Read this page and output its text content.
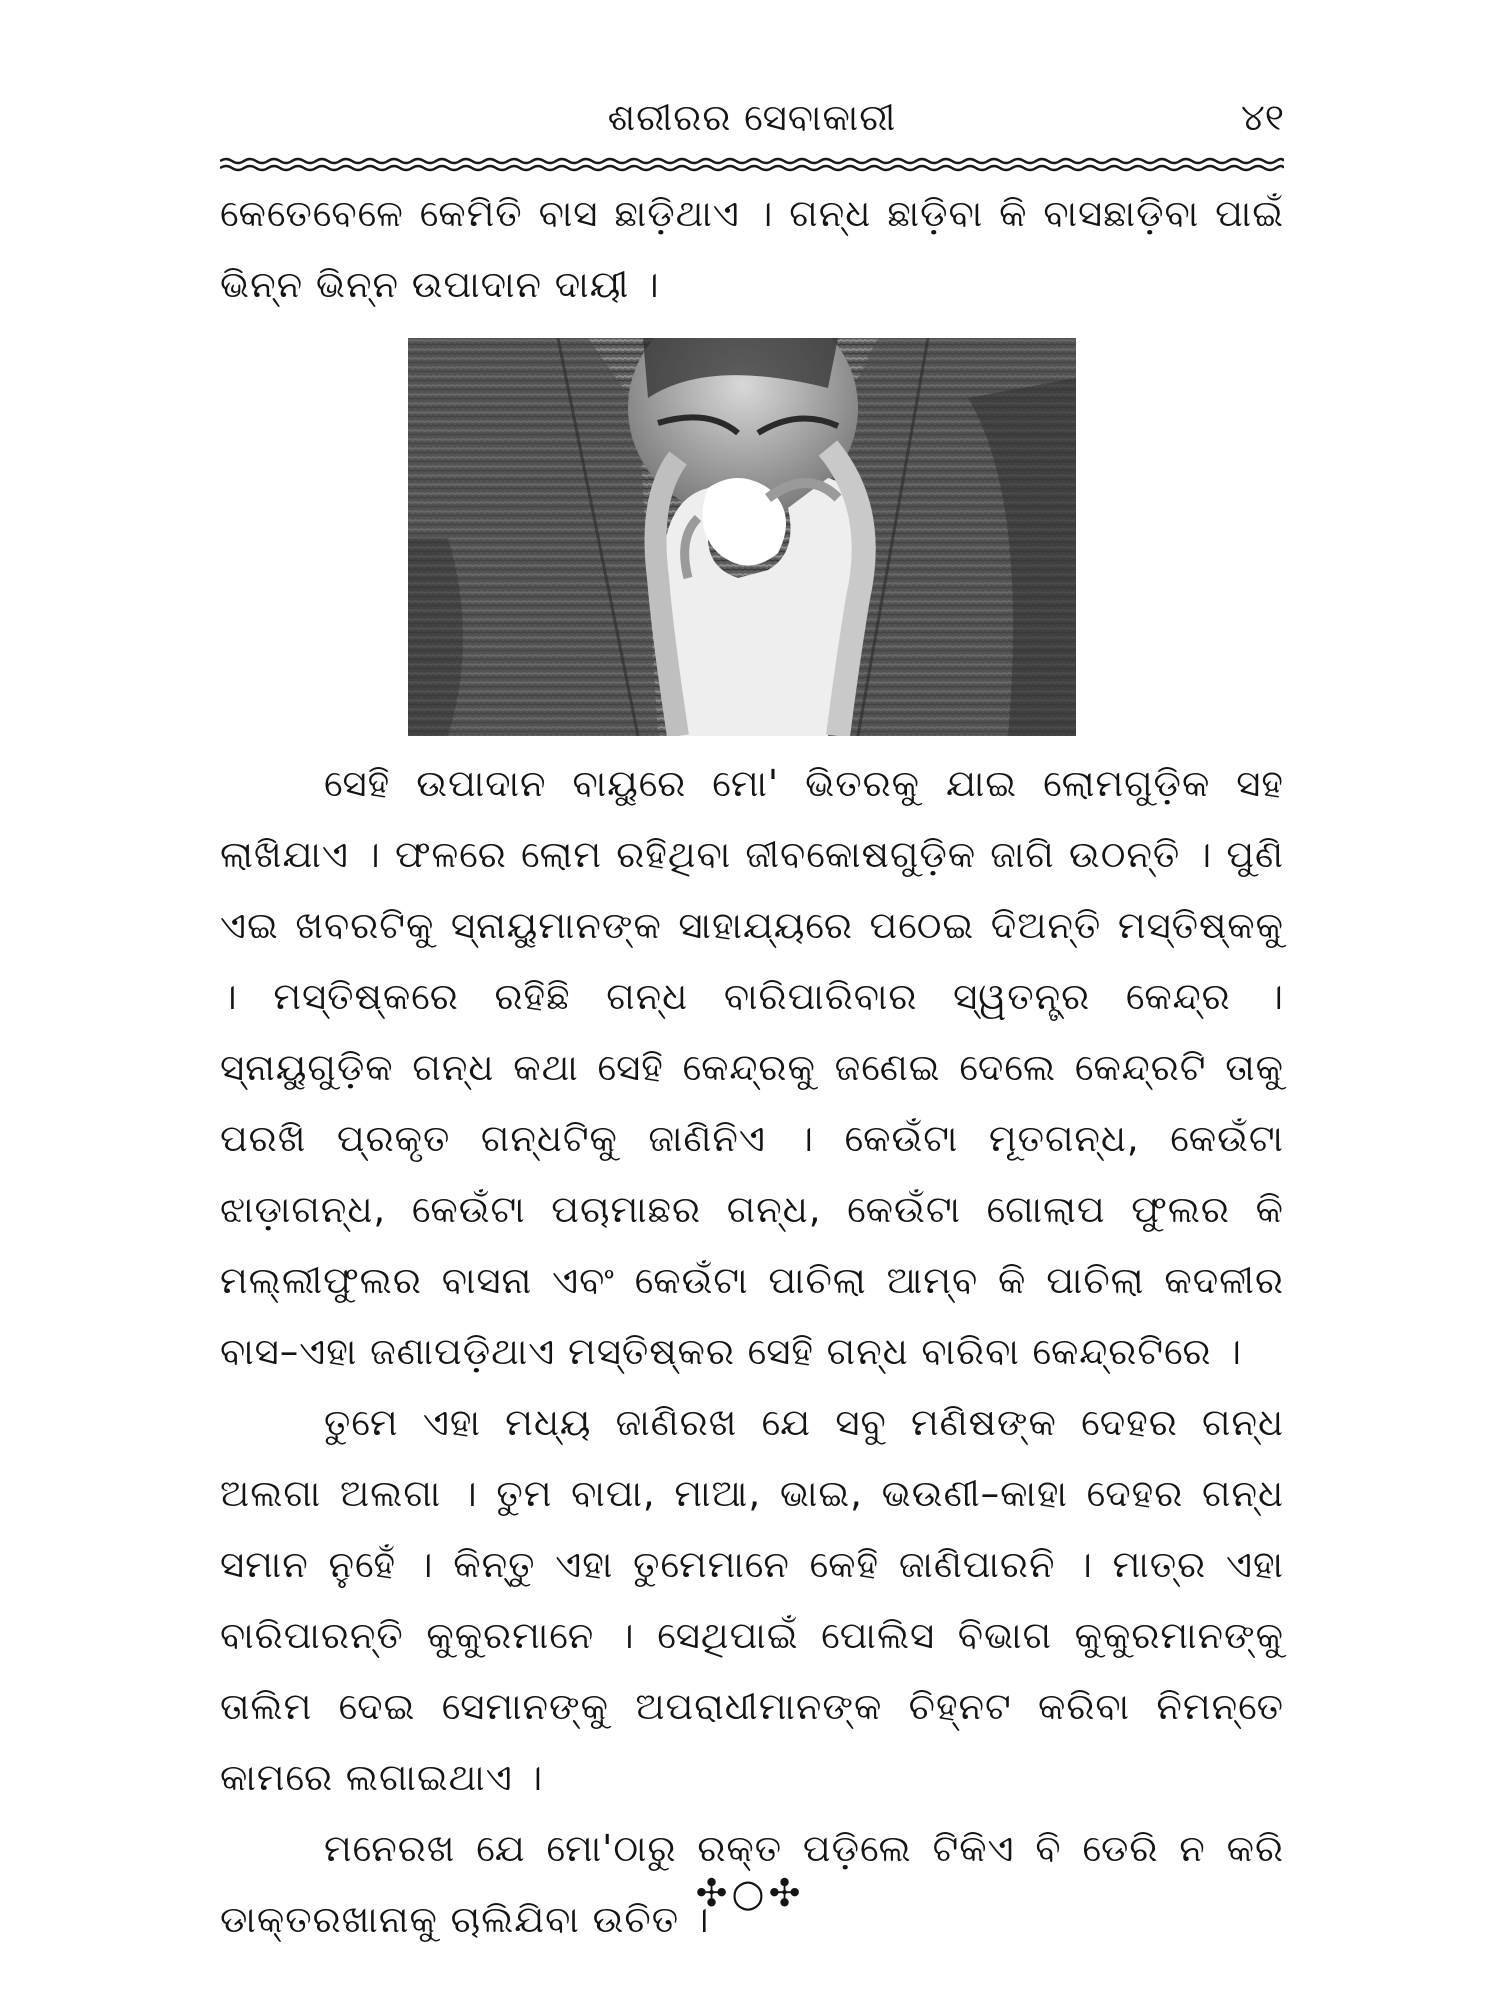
ଶରୀରର ସେବାକାରୀ	୪୧

କେତେବେଳେ କେମିତି ବାସ ଛାଡ଼ିଥାଏ । ଗନ୍ଧ ଛାଡ଼ିବା କି ବାସଛାଡ଼ିବା ପାଇଁ ଭିନ୍ନ ଭିନ୍ନ ଉପାଦାନ ଦାୟୀ ।

ସେହି ଉପାଦାନ ବାୟୁରେ ମୋ' ଭିତରକୁ ଯାଇ ଲୋମଗୁଡ଼ିକ ସହ ଲାଖିଯାଏ । ଫଳରେ ଲୋମ ରହିଥିବା ଜୀବକୋଷଗୁଡ଼ିକ ଜାଗି ଉଠନ୍ତି । ପୁଣି ଏଇ ଖବରଟିକୁ ସ୍ନାୟୁମାନଙ୍କ ସାହାଯ୍ୟରେ ପଠେଇ ଦିଅନ୍ତି ମସ୍ତିଷ୍କକୁ । ମସ୍ତିଷ୍କରେ ରହିଛି ଗନ୍ଧ ବାରିପାରିବାର ସ୍ୱତନ୍ତ୍ର କେନ୍ଦ୍ର । ସ୍ନାୟୁଗୁଡ଼ିକ ଗନ୍ଧ କଥା ସେହି କେନ୍ଦ୍ରକୁ ଜଣେଇ ଦେଲେ କେନ୍ଦ୍ରଟି ତାକୁ ପରଖି ପ୍ରକୃତ ଗନ୍ଧଟିକୁ ଜାଣିନିଏ । କେଉଁଟା ମୂତଗନ୍ଧ, କେଉଁଟା ଝାଡ଼ାଗନ୍ଧ, କେଉଁଟା ପଚାମାଛର ଗନ୍ଧ, କେଉଁଟା ଗୋଲାପ ଫୁଲର କି ମଲ୍ଲୀଫୁଲର ବାସନା ଏବଂ କେଉଁଟା ପାଚିଲା ଆମ୍ବ କି ପାଚିଲା କଦଳୀର ବାସ–ଏହା ଜଣାପଡ଼ିଥାଏ ମସ୍ତିଷ୍କର ସେହି ଗନ୍ଧ ବାରିବା କେନ୍ଦ୍ରଟିରେ ।

ତୁମେ ଏହା ମଧ୍ୟ ଜାଣିରଖ ଯେ ସବୁ ମଣିଷଙ୍କ ଦେହର ଗନ୍ଧ ଅଲଗା ଅଲଗା । ତୁମ ବାପା, ମାଆ, ଭାଇ, ଭଉଣୀ–କାହା ଦେହର ଗନ୍ଧ ସମାନ ନୁହେଁ । କିନ୍ତୁ ଏହା ତୁମେମାନେ କେହି ଜାଣିପାରନି । ମାତ୍ର ଏହା ବାରିପାରନ୍ତି କୁକୁରମାନେ । ସେଥିପାଇଁ ପୋଲିସ ବିଭାଗ କୁକୁରମାନଙ୍କୁ ତାଲିମ ଦେଇ ସେମାନଙ୍କୁ ଅପରାଧୀମାନଙ୍କ ଚିହ୍ନଟ କରିବା ନିମନ୍ତେ କାମରେ ଲଗାଇଥାଏ ।

ମନେରଖ ଯେ ମୋ'ଠାରୁ ରକ୍ତ ପଡ଼ିଲେ ଟିକିଏ ବି ଡେରି ନ କରି ଡାକ୍ତରଖାନାକୁ ଚାଲିଯିବା ଉଚିତ ।

✣○✣
